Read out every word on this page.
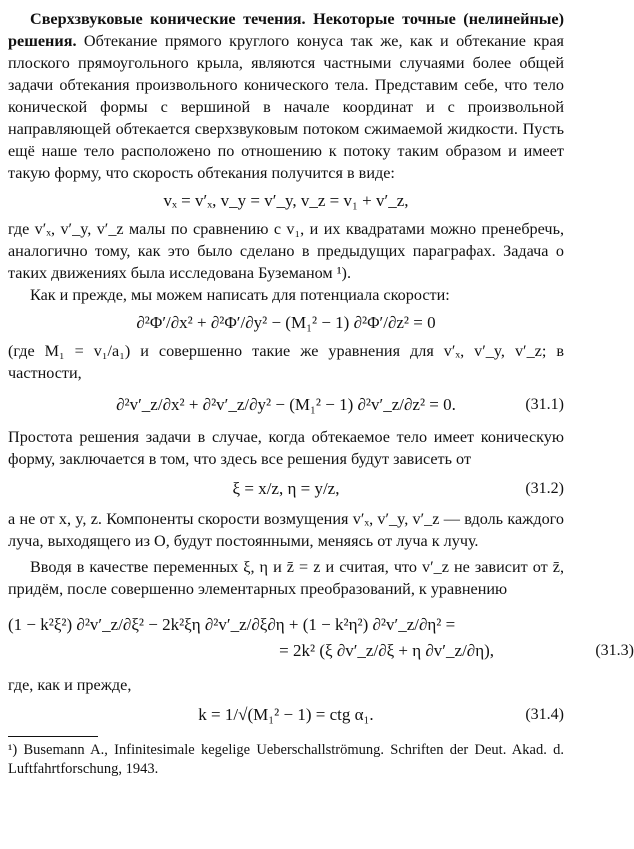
Сверхзвуковые конические течения. Некоторые точные (нелинейные) решения. Обтекание прямого круглого конуса так же, как и обтекание края плоского прямоугольного крыла, являются частными случаями более общей задачи обтекания произвольного конического тела. Представим себе, что тело конической формы с вершиной в начале координат и с произвольной направляющей обтекается сверхзвуковым потоком сжимаемой жидкости. Пусть ещё наше тело расположено по отношению к потоку таким образом и имеет такую форму, что скорость обтекания получится в виде:

vₓ = v′ₓ, v_y = v′_y, v_z = v₁ + v′_z,

где v′ₓ, v′_y, v′_z малы по сравнению с v₁, и их квадратами можно пренебречь, аналогично тому, как это было сделано в предыдущих параграфах. Задача о таких движениях была исследована Буземаном ¹).

Как и прежде, мы можем написать для потенциала скорости:

∂²Φ′/∂x² + ∂²Φ′/∂y² − (M₁² − 1) ∂²Φ′/∂z² = 0

(где M₁ = v₁/a₁) и совершенно такие же уравнения для v′ₓ, v′_y, v′_z; в частности,

∂²v′_z/∂x² + ∂²v′_z/∂y² − (M₁² − 1) ∂²v′_z/∂z² = 0.	(31.1)

Простота решения задачи в случае, когда обтекаемое тело имеет коническую форму, заключается в том, что здесь все решения будут зависеть от

ξ = x/z, η = y/z,	(31.2)

а не от x, y, z. Компоненты скорости возмущения v′ₓ, v′_y, v′_z — вдоль каждого луча, выходящего из O, будут постоянными, меняясь от луча к лучу.

Вводя в качестве переменных ξ, η и z̄ = z и считая, что v′_z не зависит от z̄, придём, после совершенно элементарных преобразований, к уравнению

(1 − k²ξ²) ∂²v′_z/∂ξ² − 2k²ξη ∂²v′_z/∂ξ∂η + (1 − k²η²) ∂²v′_z/∂η² =
= 2k² (ξ ∂v′_z/∂ξ + η ∂v′_z/∂η),	(31.3)

где, как и прежде,

k = 1/√(M₁² − 1) = ctg α₁.	(31.4)

¹) Busemann A., Infinitesimale kegelige Ueberschallströmung. Schriften der Deut. Akad. d. Luftfahrtforschung, 1943.
